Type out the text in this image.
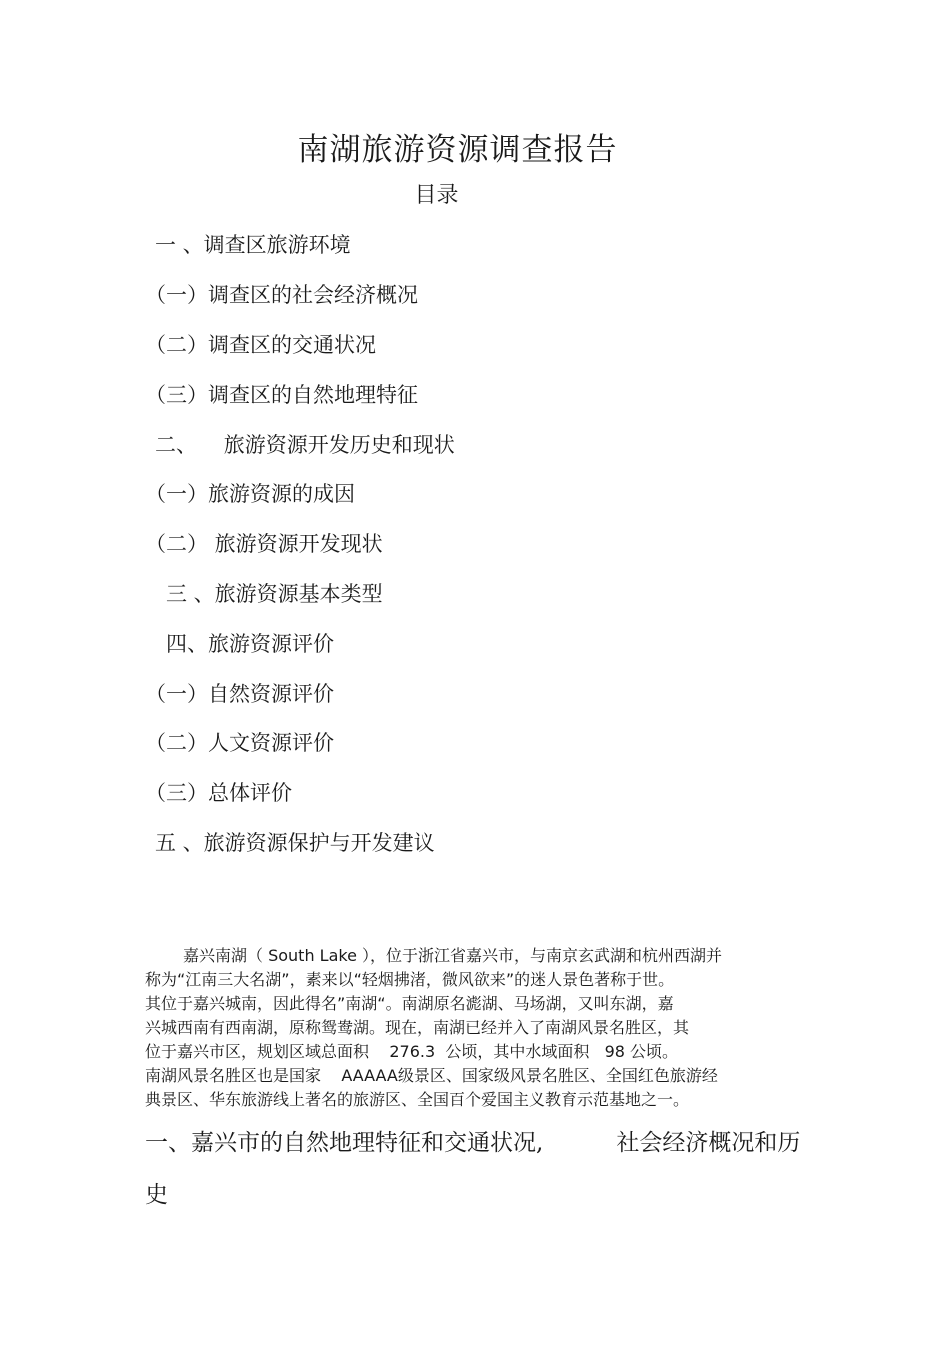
南湖旅游资源调查报告
目录
一 、调查区旅游环境
（一）调查区的社会经济概况
（二）调查区的交通状况
（三）调查区的自然地理特征
二、    旅游资源开发历史和现状
（一）旅游资源的成因
（二） 旅游资源开发现状
三 、旅游资源基本类型
四、旅游资源评价
（一）自然资源评价
（二）人文资源评价
（三）总体评价
五 、旅游资源保护与开发建议
嘉兴南湖（ South Lake ），位于浙江省嘉兴市，与南京玄武湖和杭州西湖并
称为“江南三大名湖”，素来以“轻烟拂渚，微风欲来”的迷人景色著称于世。
其位于嘉兴城南，因此得名”南湖“。南湖原名滮湖、马场湖，又叫东湖，嘉
兴城西南有西南湖，原称鸳鸯湖。现在，南湖已经并入了南湖风景名胜区，其
位于嘉兴市区，规划区域总面积    276.3  公顷，其中水域面积   98 公顷。
南湖风景名胜区也是国家    AAAAA级景区、国家级风景名胜区、全国红色旅游经
典景区、华东旅游线上著名的旅游区、全国百个爱国主义教育示范基地之一。
一、嘉兴市的自然地理特征和交通状况,          社会经济概况和历
史
